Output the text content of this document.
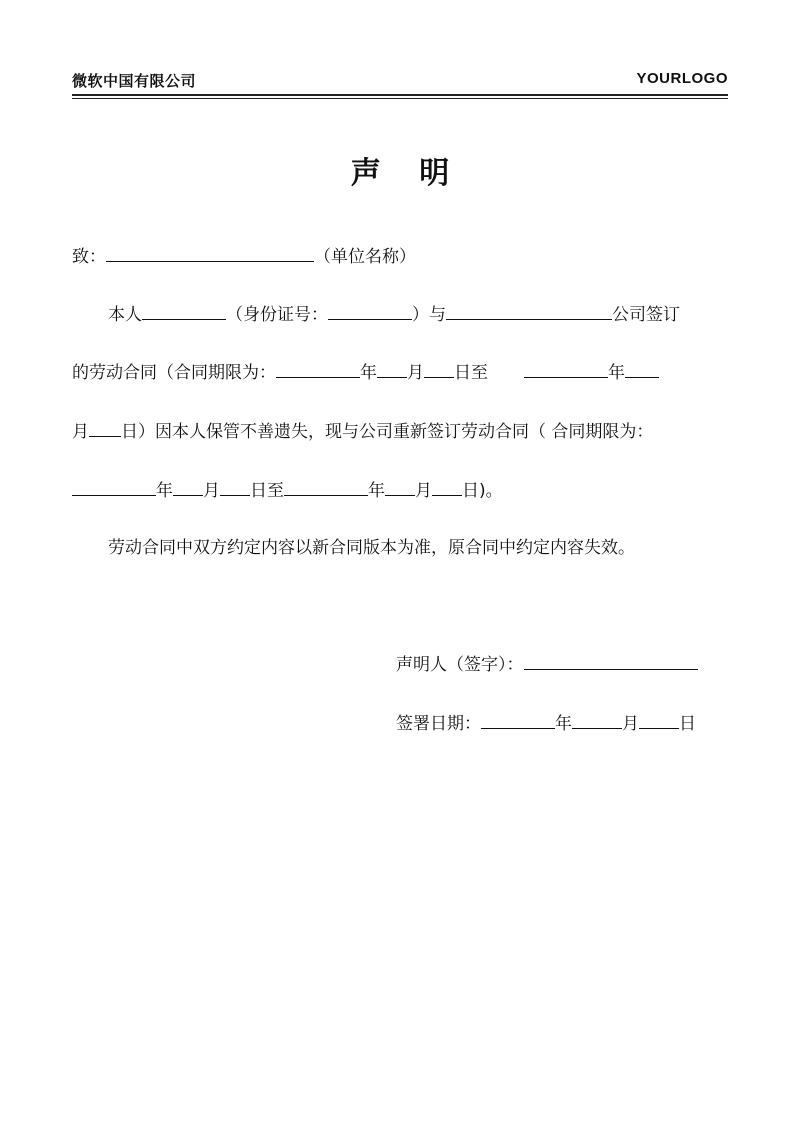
微软中国有限公司	YOURLOGO
声 明
致：	（单位名称）
本人	（身份证号：	）与	公司签订
的劳动合同（合同期限为：	年 月 日至	年
月 日）因本人保管不善遗失，现与公司重新签订劳动合同（ 合同期限为：
年 月 日至	年 月 日)。
劳动合同中双方约定内容以新合同版本为准，原合同中约定内容失效。
声明人（签字）：
签署日期：	年	月 日
